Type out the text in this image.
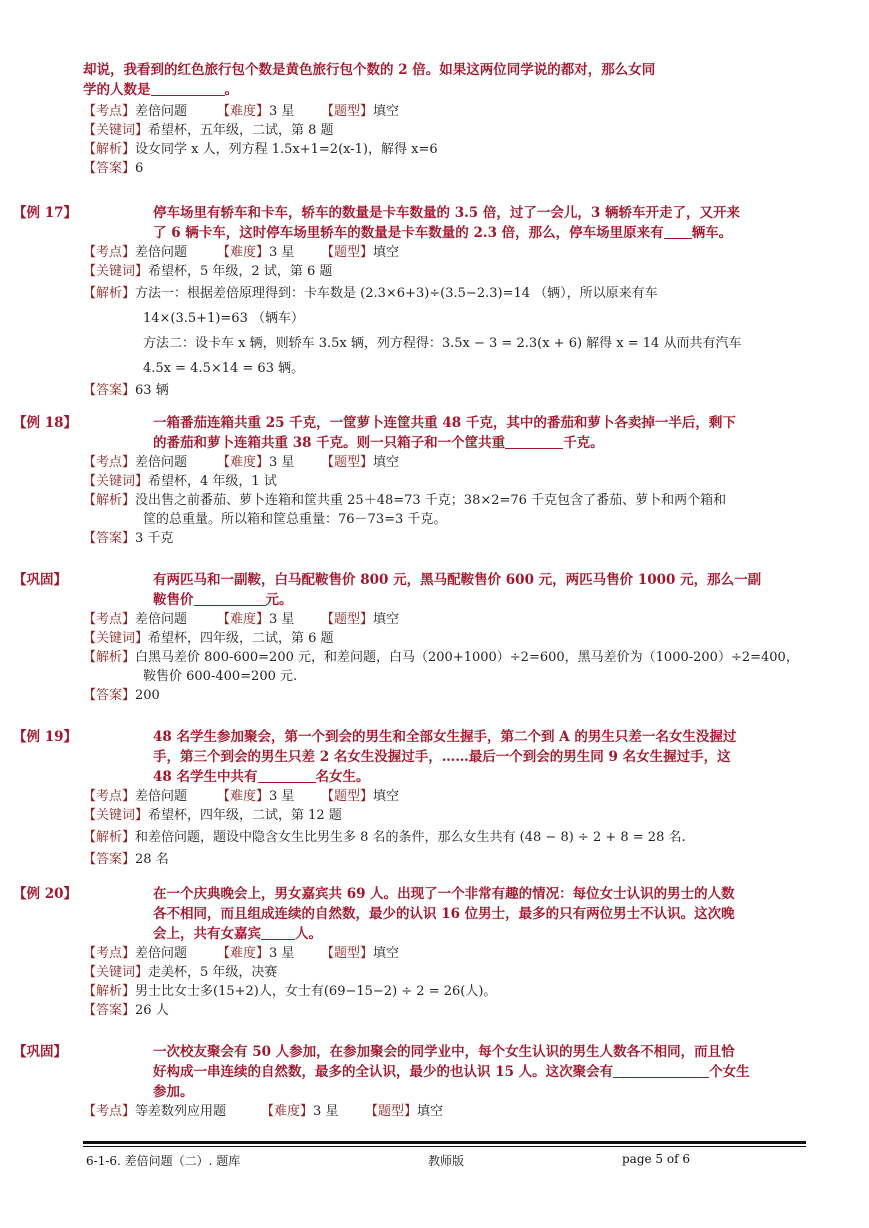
却说，我看到的红色旅行包个数是黄色旅行包个数的 2 倍。如果这两位同学说的都对，那么女同
学的人数是	。
【考点】差倍问题 【难度】3 星 【题型】填空
【关键词】希望杯，五年级，二试，第 8 题
【解析】设女同学 x 人，列方程 1.5x+1=2(x-1)，解得 x=6
【答案】6
【例 17】	停车场里有轿车和卡车，轿车的数量是卡车数量的 3.5 倍，过了一会儿，3 辆轿车开走了，又开来
了 6 辆卡车，这时停车场里轿车的数量是卡车数量的 2.3 倍，那么，停车场里原来有 辆车。
【考点】差倍问题 【难度】3 星 【题型】填空
【关键词】希望杯，5 年级，2 试，第 6 题
【解析】方法一：根据差倍原理得到：卡车数是 (2.3×6+3)÷(3.5−2.3)=14 （辆），所以原来有车
14×(3.5+1)=63 （辆车）
方法二：设卡车 x 辆，则轿车 3.5x 辆，列方程得：3.5x − 3 = 2.3(x + 6) 解得 x = 14 从而共有汽车
4.5x = 4.5×14 = 63 辆。
【答案】63 辆
【例 18】	一箱番茄连箱共重 25 千克，一筐萝卜连筐共重 48 千克，其中的番茄和萝卜各卖掉一半后，剩下
的番茄和萝卜连箱共重 38 千克。则一只箱子和一个筐共重	千克。
【考点】差倍问题 【难度】3 星 【题型】填空
【关键词】希望杯，4 年级，1 试
【解析】没出售之前番茄、萝卜连箱和筐共重 25＋48=73 千克；38×2=76 千克包含了番茄、萝卜和两个箱和
筐的总重量。所以箱和筐总重量：76－73=3 千克。
【答案】3 千克
【巩固】	有两匹马和一副鞍，白马配鞍售价 800 元，黑马配鞍售价 600 元，两匹马售价 1000 元，那么一副
鞍售价	元。
【考点】差倍问题 【难度】3 星 【题型】填空
【关键词】希望杯，四年级，二试，第 6 题
【解析】白黑马差价 800-600=200 元，和差问题，白马（200+1000）÷2=600，黑马差价为（1000-200）÷2=400，
鞍售价 600-400=200 元.
【答案】200
【例 19】	48 名学生参加聚会，第一个到会的男生和全部女生握手，第二个到 A 的男生只差一名女生没握过
手，第三个到会的男生只差 2 名女生没握过手，……最后一个到会的男生同 9 名女生握过手，这
48 名学生中共有	名女生。
【考点】差倍问题 【难度】3 星 【题型】填空
【关键词】希望杯，四年级，二试，第 12 题
【解析】和差倍问题，题设中隐含女生比男生多 8 名的条件，那么女生共有 (48 − 8) ÷ 2 + 8 = 28 名.
【答案】28 名
【例 20】	在一个庆典晚会上，男女嘉宾共 69 人。出现了一个非常有趣的情况：每位女士认识的男士的人数
各不相同，而且组成连续的自然数，最少的认识 16 位男士，最多的只有两位男士不认识。这次晚
会上，共有女嘉宾	人。
【考点】差倍问题 【难度】3 星 【题型】填空
【关键词】走美杯，5 年级，决赛
【解析】男士比女士多(15+2)人，女士有(69−15−2) ÷ 2 = 26(人)。
【答案】26 人
【巩固】	一次校友聚会有 50 人参加，在参加聚会的同学业中，每个女生认识的男生人数各不相同，而且恰
好构成一串连续的自然数，最多的全认识，最少的也认识 15 人。这次聚会有	个女生
参加。
【考点】等差数列应用题	【难度】3 星 【题型】填空
6-1-6. 差倍问题（二）. 题库	教师版	page 5 of 6
